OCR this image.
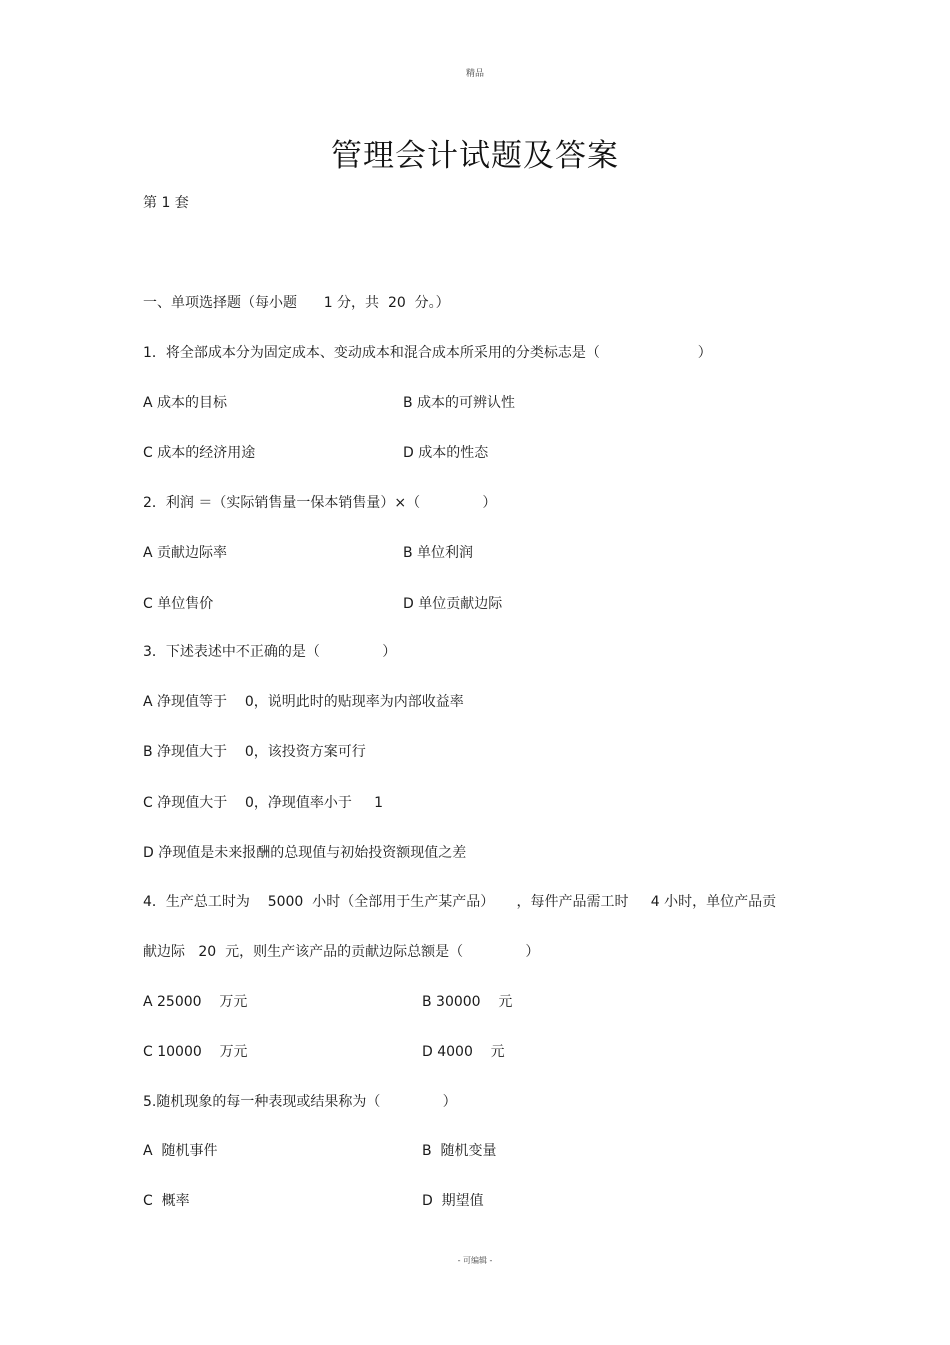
精品
管理会计试题及答案
第 1 套
一、单项选择题（每小题      1 分，共  20  分。）
1．将全部成本分为固定成本、变动成本和混合成本所采用的分类标志是（                      ）
A 成本的目标	B 成本的可辨认性
C 成本的经济用途	D 成本的性态
2．利润 ＝（实际销售量一保本销售量）×（              ）
A 贡献边际率	B 单位利润
C 单位售价	D 单位贡献边际
3．下述表述中不正确的是（              ）
A 净现值等于    0，说明此时的贴现率为内部收益率
B 净现值大于    0，该投资方案可行
C 净现值大于    0，净现值率小于     1
D 净现值是未来报酬的总现值与初始投资额现值之差
4．生产总工时为    5000  小时（全部用于生产某产品）     ，每件产品需工时     4 小时，单位产品贡
献边际   20  元，则生产该产品的贡献边际总额是（              ）
A 25000    万元	B 30000    元
C 10000    万元	D 4000    元
5.随机现象的每一种表现或结果称为（              ）
A  随机事件	B  随机变量
C  概率	D  期望值
- 可编辑 -
